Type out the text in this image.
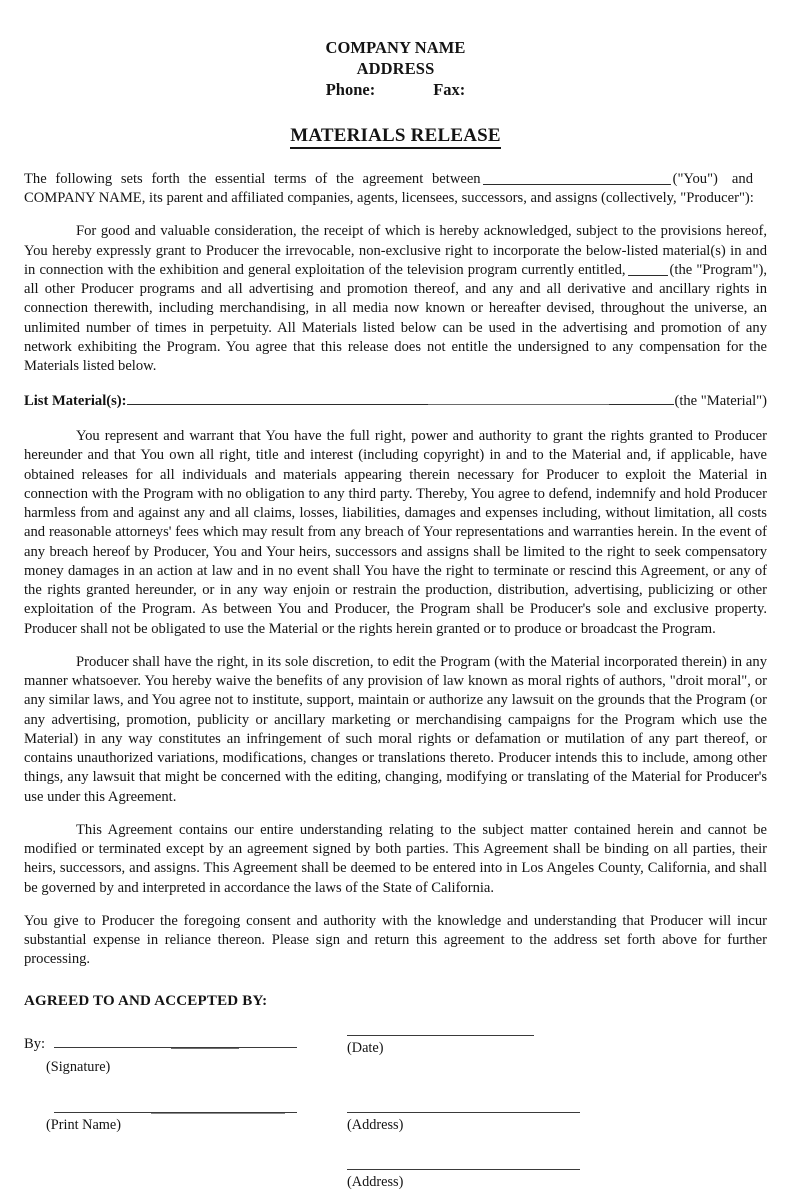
COMPANY NAME
ADDRESS
Phone:	Fax:
MATERIALS RELEASE

The following sets forth the essential terms of the agreement between	("You") andCOMPANY NAME, its parent and affiliated companies, agents, licensees, successors, and assigns (collectively, "Producer"):

For good and valuable consideration, the receipt of which is hereby acknowledged, subject to the provisions hereof, You hereby expressly grant to Producer the irrevocable, non-exclusive right to incorporate the below-listed material(s) in and in connection with the exhibition and general exploitation of the television program currently entitled,	(the "Program"), all other Producer programs and all advertising and promotion thereof, and any and all derivative and ancillary rights in connection therewith, including merchandising, in all media now known or hereafter devised, throughout the universe, an unlimited number of times in perpetuity. All Materials listed below can be used in the advertising and promotion of any network exhibiting the Program. You agree that this release does not entitle the undersigned to any compensation for the Materials listed below.

List Material(s):	(the "Material")

You represent and warrant that You have the full right, power and authority to grant the rights granted to Producer hereunder and that You own all right, title and interest (including copyright) in and to the Material and, if applicable, have obtained releases for all individuals and materials appearing therein necessary for Producer to exploit the Material in connection with the Program with no obligation to any third party. Thereby, You agree to defend, indemnify and hold Producer harmless from and against any and all claims, losses, liabilities, damages and expenses including, without limitation, all costs and reasonable attorneys' fees which may result from any breach of Your representations and warranties herein. In the event of any breach hereof by Producer, You and Your heirs, successors and assigns shall be limited to the right to seek compensatory money damages in an action at law and in no event shall You have the right to terminate or rescind this Agreement, or any of the rights granted hereunder, or in any way enjoin or restrain the production, distribution, advertising, publicizing or other exploitation of the Program. As between You and Producer, the Program shall be Producer's sole and exclusive property. Producer shall not be obligated to use the Material or the rights herein granted or to produce or broadcast the Program.

Producer shall have the right, in its sole discretion, to edit the Program (with the Material incorporated therein) in any manner whatsoever. You hereby waive the benefits of any provision of law known as moral rights of authors, "droit moral", or any similar laws, and You agree not to institute, support, maintain or authorize any lawsuit on the grounds that the Program (or any advertising, promotion, publicity or ancillary marketing or merchandising campaigns for the Program which use the Material) in any way constitutes an infringement of such moral rights or defamation or mutilation of any part thereof, or contains unauthorized variations, modifications, changes or translations thereto. Producer intends this to include, among other things, any lawsuit that might be concerned with the editing, changing, modifying or translating of the Material for Producer's use under this Agreement.

This Agreement contains our entire understanding relating to the subject matter contained herein and cannot be modified or terminated except by an agreement signed by both parties. This Agreement shall be binding on all parties, their heirs, successors, and assigns. This Agreement shall be deemed to be entered into in Los Angeles County, California, and shall be governed by and interpreted in accordance the laws of the State of California.

You give to Producer the foregoing consent and authority with the knowledge and understanding that Producer will incur substantial expense in reliance thereon. Please sign and return this agreement to the address set forth above for further processing.

AGREED TO AND ACCEPTED BY:
By:
(Signature)
(Date)
(Print Name)	(Address)
(Address)
